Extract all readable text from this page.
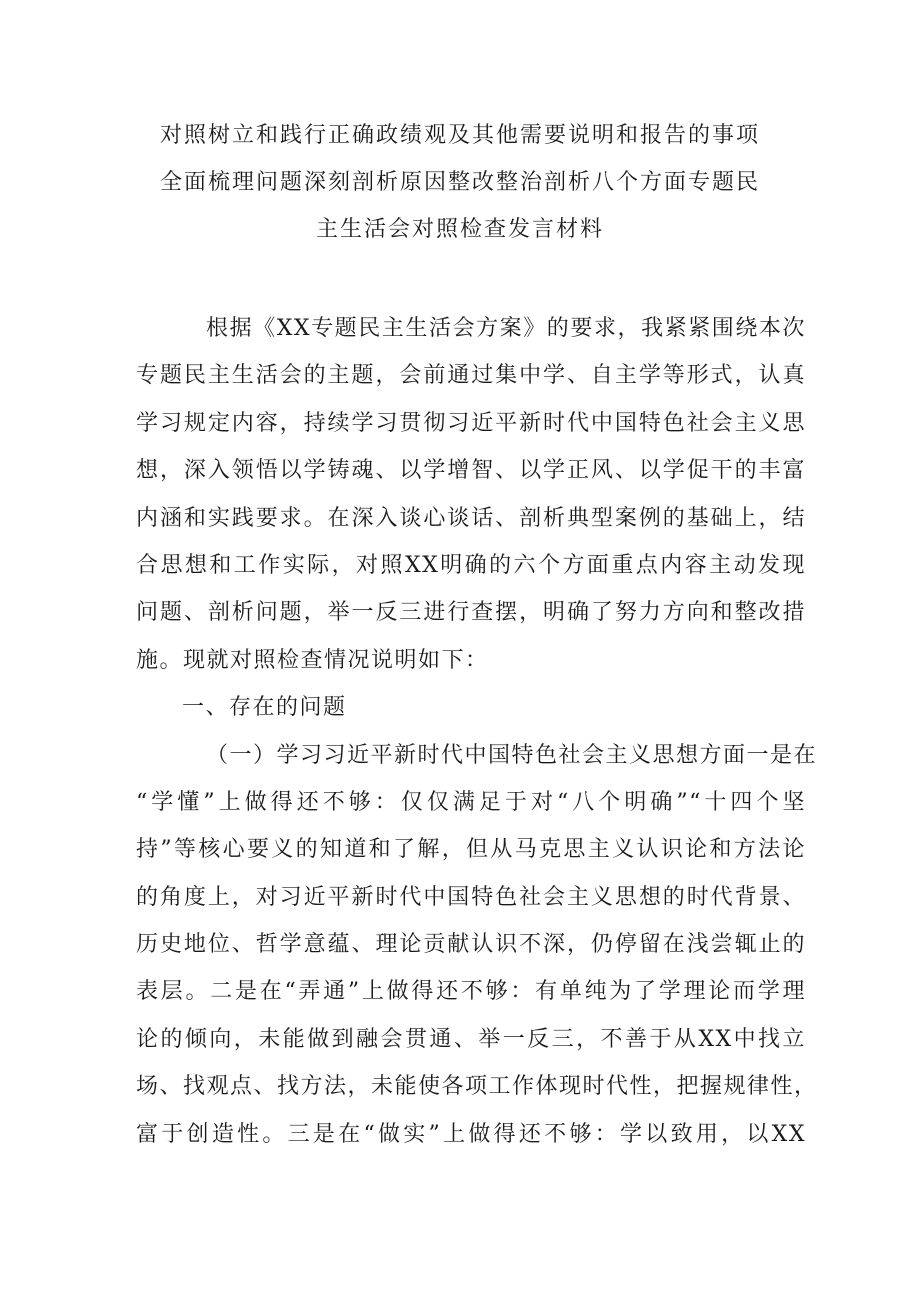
对照树立和践行正确政绩观及其他需要说明和报告的事项
全面梳理问题深刻剖析原因整改整治剖析八个方面专题民
主生活会对照检查发言材料
根据《XX专题民主生活会方案》的要求，我紧紧围绕本次
专题民主生活会的主题，会前通过集中学、自主学等形式，认真
学习规定内容，持续学习贯彻习近平新时代中国特色社会主义思
想，深入领悟以学铸魂、以学增智、以学正风、以学促干的丰富
内涵和实践要求。在深入谈心谈话、剖析典型案例的基础上，结
合思想和工作实际，对照XX明确的六个方面重点内容主动发现
问题、剖析问题，举一反三进行查摆，明确了努力方向和整改措
施。现就对照检查情况说明如下：
一、存在的问题
（一）学习习近平新时代中国特色社会主义思想方面一是在
“学懂”上做得还不够：仅仅满足于对“八个明确”“十四个坚
持”等核心要义的知道和了解，但从马克思主义认识论和方法论
的角度上，对习近平新时代中国特色社会主义思想的时代背景、
历史地位、哲学意蕴、理论贡献认识不深，仍停留在浅尝辄止的
表层。二是在“弄通”上做得还不够：有单纯为了学理论而学理
论的倾向，未能做到融会贯通、举一反三，不善于从XX中找立
场、找观点、找方法，未能使各项工作体现时代性，把握规律性，
富于创造性。三是在“做实”上做得还不够：学以致用，以XX
